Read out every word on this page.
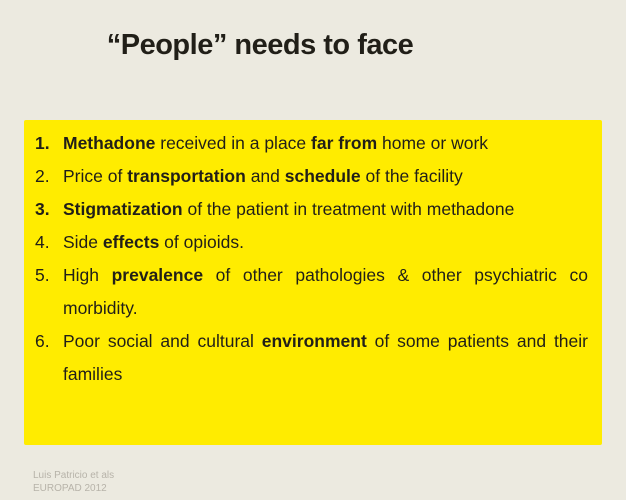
“People” needs to face
1. Methadone received in a place far from home or work
2. Price of transportation and schedule of the facility
3. Stigmatization of the patient in treatment with methadone
4. Side effects of opioids.
5. High prevalence of other pathologies & other psychiatric co morbidity.
6. Poor social and cultural environment of some patients and their families
Luis Patricio et als
EUROPAD 2012
